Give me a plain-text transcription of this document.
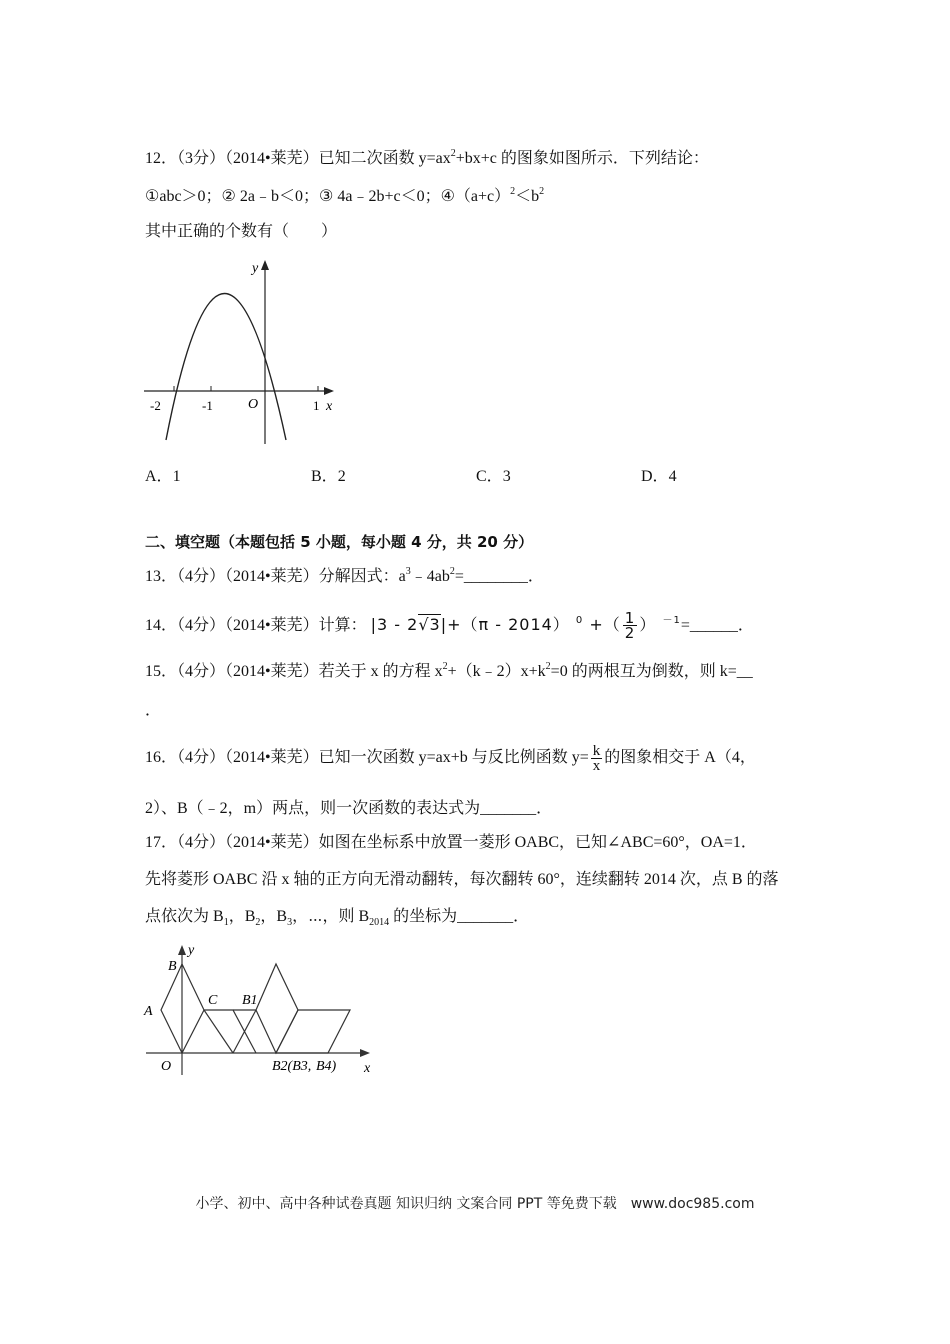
12．（3分）（2014•莱芜）已知二次函数 $y=ax^2+bx+c$ 的图象如图所示．下列结论：
①abc＞0；② 2a﹣b＜0；③ 4a﹣2b+c＜0；$④(a+c)^2<b^2$
其中正确的个数有（　　）
y
x
O
-2	-1	1
A．1	B．2	C．3	D．4
二、填空题（本题包括 5 小题，每小题 4 分，共 20 分）
13．（4分）（2014•莱芜）分解因式：$a^3﹣4ab^2=\_\_\_\_\_\_\_\_$．
14．（4分）（2014•莱芜）计算： |3 - 2√3|+（π - 2014） $^0$ +（ $\frac{1}{2}$ ） $^{-1}$=______．
15．（4分）（2014•莱芜）若关于 x 的方程 $x^2+(k﹣2)x+k^2=0$ 的两根互为倒数，则 k=__
．
16．（4分）（2014•莱芜）已知一次函数 y=ax+b 与反比例函数 $y= \frac{k}{x}$ 的图象相交于 A（4，
2）、B（﹣2，m）两点，则一次函数的表达式为_______．
17．（4分）（2014•莱芜）如图在坐标系中放置一菱形 OABC，已知∠ABC=60°，OA=1．
先将菱形 OABC 沿 x 轴的正方向无滑动翻转，每次翻转 60°，连续翻转 2014 次，点 B 的落
点依次为 $B_1$，$B_2$，$B_3$，⋯，则 $B_{2014}$ 的坐标为_______．
B
y
A
C B1
O	B2(B3, B4) x
小学、初中、高中各种试卷真题 知识归纳 文案合同 PPT 等免费下载　www.doc985.com
